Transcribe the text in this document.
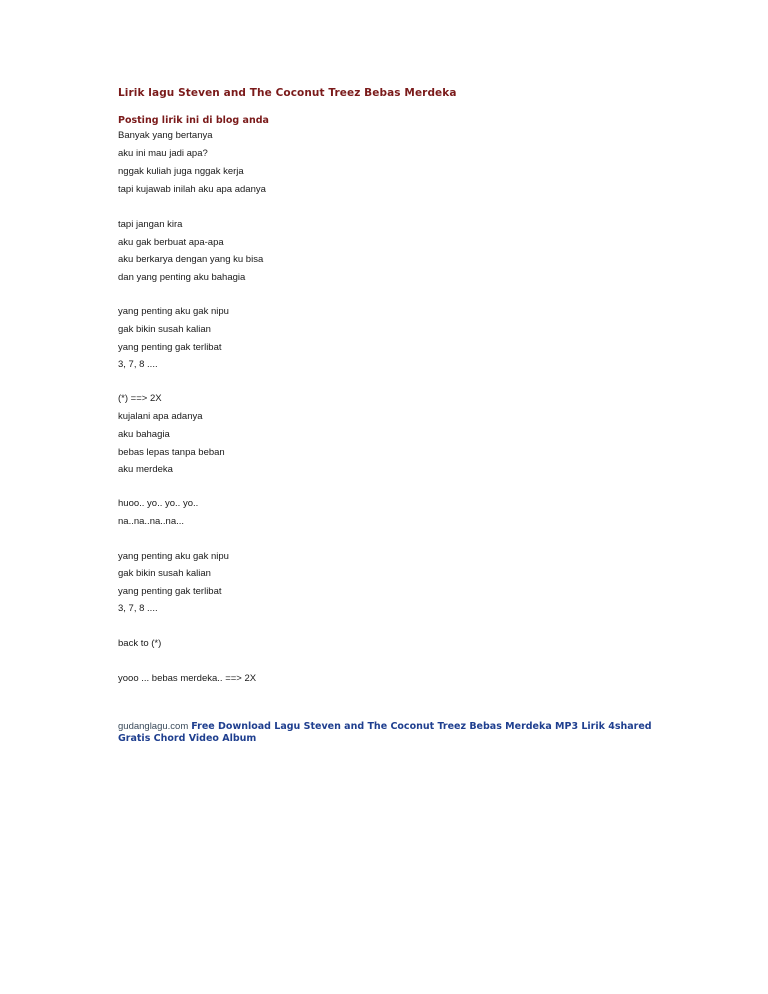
Lirik lagu Steven and The Coconut Treez Bebas Merdeka
Posting lirik ini di blog anda
Banyak yang bertanya
aku ini mau jadi apa?
nggak kuliah juga nggak kerja
tapi kujawab inilah aku apa adanya
tapi jangan kira
aku gak berbuat apa-apa
aku berkarya dengan yang ku bisa
dan yang penting aku bahagia
yang penting aku gak nipu
gak bikin susah kalian
yang penting gak terlibat
3, 7, 8 ....
(*) ==> 2X
kujalani apa adanya
aku bahagia
bebas lepas tanpa beban
aku merdeka
huoo.. yo.. yo.. yo..
na..na..na..na...
yang penting aku gak nipu
gak bikin susah kalian
yang penting gak terlibat
3, 7, 8 ....
back to (*)
yooo ... bebas merdeka.. ==> 2X
gudanglagu.com Free Download Lagu Steven and The Coconut Treez Bebas Merdeka MP3 Lirik 4shared Gratis Chord Video Album
